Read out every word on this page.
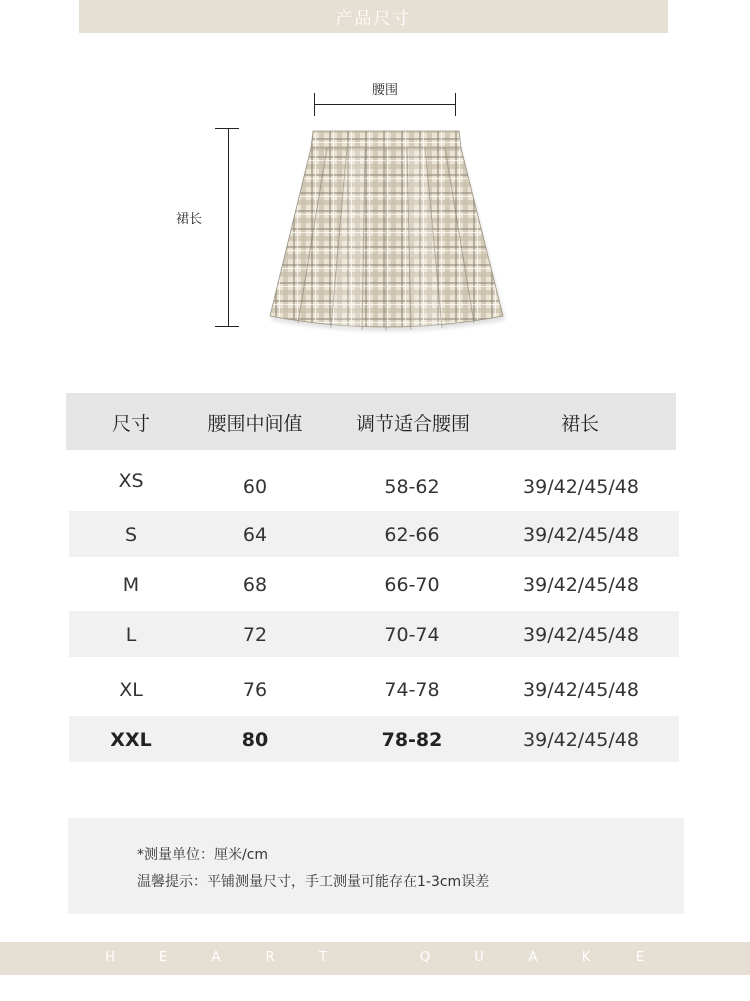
产品尺寸
腰围
裙长
尺寸	腰围中间值	调节适合腰围	裙长
XS	60	58-62	39/42/45/48
S	64	62-66	39/42/45/48
M	68	66-70	39/42/45/48
L	72	70-74	39/42/45/48
XL	76	74-78	39/42/45/48
XXL	80	78-82	39/42/45/48
*测量单位：厘米/cm
温馨提示：平铺测量尺寸，手工测量可能存在1-3cm误差
H	E	A	R	T	Q	U	A	K	E
